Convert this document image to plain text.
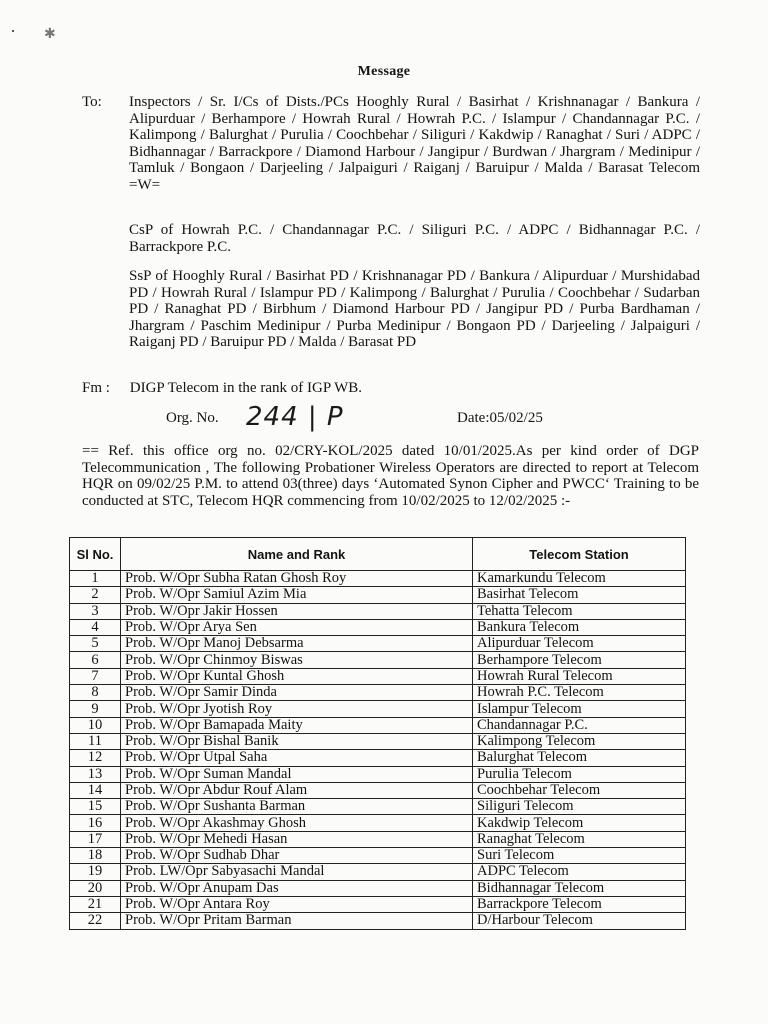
✱
Message
To: Inspectors / Sr. I/Cs of Dists./PCs Hooghly Rural / Basirhat / Krishnanagar / Bankura / Alipurduar / Berhampore / Howrah Rural / Howrah P.C. / Islampur / Chandannagar P.C. / Kalimpong / Balurghat / Purulia / Coochbehar / Siliguri / Kakdwip / Ranaghat / Suri / ADPC / Bidhannagar / Barrackpore / Diamond Harbour / Jangipur / Burdwan / Jhargram / Medinipur / Tamluk / Bongaon / Darjeeling / Jalpaiguri / Raiganj / Baruipur / Malda / Barasat Telecom =W=
CsP of Howrah P.C. / Chandannagar P.C. / Siliguri P.C. / ADPC / Bidhannagar P.C. / Barrackpore P.C.
SsP of Hooghly Rural / Basirhat PD / Krishnanagar PD / Bankura / Alipurduar / Murshidabad PD / Howrah Rural / Islampur PD / Kalimpong / Balurghat / Purulia / Coochbehar / Sudarban PD / Ranaghat PD / Birbhum / Diamond Harbour PD / Jangipur PD / Purba Bardhaman / Jhargram / Paschim Medinipur / Purba Medinipur / Bongaon PD / Darjeeling / Jalpaiguri / Raiganj PD / Baruipur PD / Malda / Barasat PD
Fm : DIGP Telecom in the rank of IGP WB.
Org. No. 244 | P	Date:05/02/25
== Ref. this office org no. 02/CRY-KOL/2025 dated 10/01/2025.As per kind order of DGP Telecommunication , The following Probationer Wireless Operators are directed to report at Telecom HQR on 09/02/25 P.M. to attend 03(three) days ‘Automated Synon Cipher and PWCC‘ Training to be conducted at STC, Telecom HQR commencing from 10/02/2025 to 12/02/2025 :-
Sl No.	Name and Rank	Telecom Station
1	Prob. W/Opr Subha Ratan Ghosh Roy	Kamarkundu Telecom
2	Prob. W/Opr Samiul Azim Mia	Basirhat Telecom
3	Prob. W/Opr Jakir Hossen	Tehatta Telecom
4	Prob. W/Opr Arya Sen	Bankura Telecom
5	Prob. W/Opr Manoj Debsarma	Alipurduar Telecom
6	Prob. W/Opr Chinmoy Biswas	Berhampore Telecom
7	Prob. W/Opr Kuntal Ghosh	Howrah Rural Telecom
8	Prob. W/Opr Samir Dinda	Howrah P.C. Telecom
9	Prob. W/Opr Jyotish Roy	Islampur Telecom
10	Prob. W/Opr Bamapada Maity	Chandannagar P.C.
11	Prob. W/Opr Bishal Banik	Kalimpong Telecom
12	Prob. W/Opr Utpal Saha	Balurghat Telecom
13	Prob. W/Opr Suman Mandal	Purulia Telecom
14	Prob. W/Opr Abdur Rouf Alam	Coochbehar Telecom
15	Prob. W/Opr Sushanta Barman	Siliguri Telecom
16	Prob. W/Opr Akashmay Ghosh	Kakdwip Telecom
17	Prob. W/Opr Mehedi Hasan	Ranaghat Telecom
18	Prob. W/Opr Sudhab Dhar	Suri Telecom
19	Prob. LW/Opr Sabyasachi Mandal	ADPC Telecom
20	Prob. W/Opr Anupam Das	Bidhannagar Telecom
21	Prob. W/Opr Antara Roy	Barrackpore Telecom
22	Prob. W/Opr Pritam Barman	D/Harbour Telecom
